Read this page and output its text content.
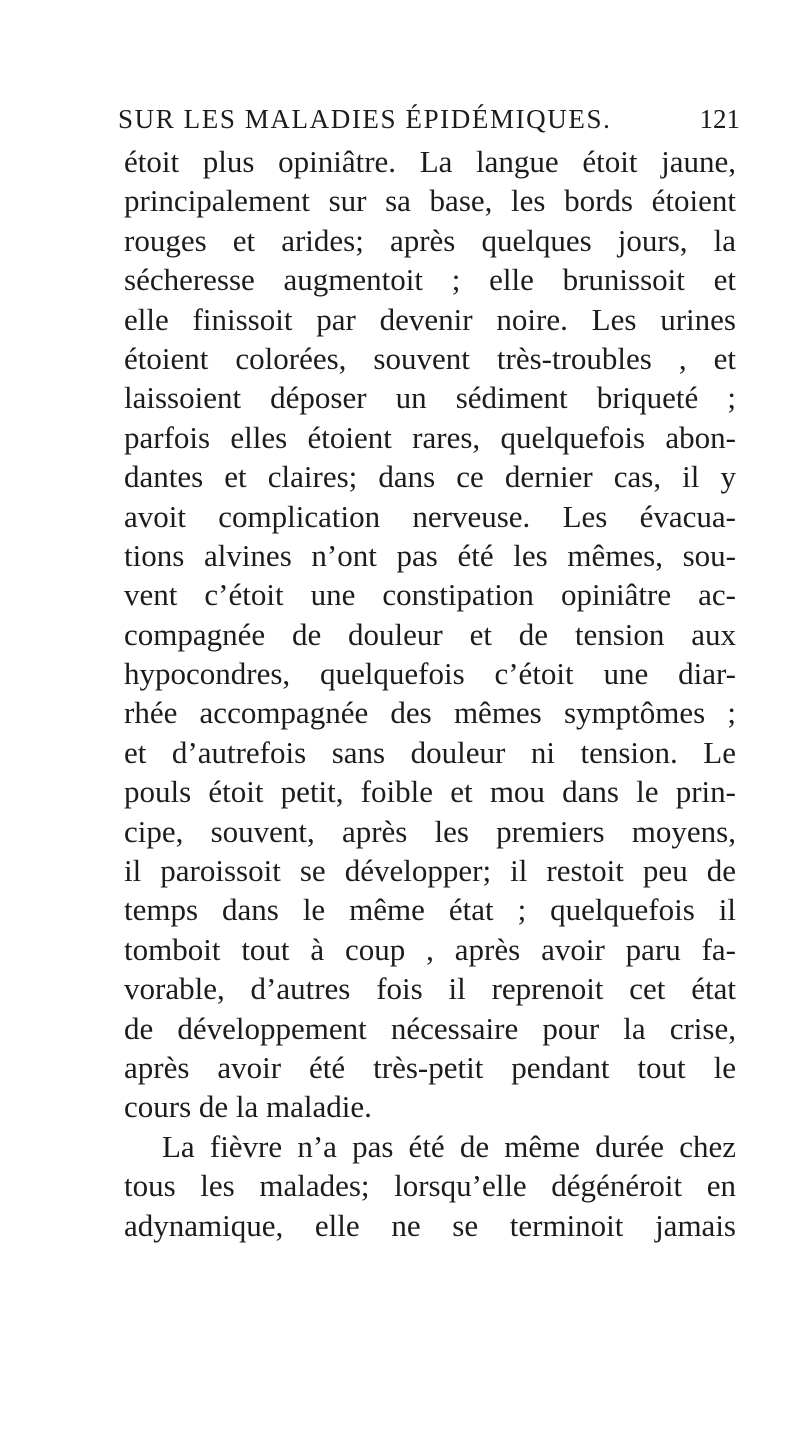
SUR LES MALADIES ÉPIDÉMIQUES.	121
étoit plus opiniâtre. La langue étoit jaune,
principalement sur sa base, les bords étoient
rouges et arides; après quelques jours, la
sécheresse augmentoit ; elle brunissoit et
elle finissoit par devenir noire. Les urines
étoient colorées, souvent très-troubles , et
laissoient déposer un sédiment briqueté ;
parfois elles étoient rares, quelquefois abon-
dantes et claires; dans ce dernier cas, il y
avoit complication nerveuse. Les évacua-
tions alvines n’ont pas été les mêmes, sou-
vent c’étoit une constipation opiniâtre ac-
compagnée de douleur et de tension aux
hypocondres, quelquefois c’étoit une diar-
rhée accompagnée des mêmes symptômes ;
et d’autrefois sans douleur ni tension. Le
pouls étoit petit, foible et mou dans le prin-
cipe, souvent, après les premiers moyens,
il paroissoit se développer; il restoit peu de
temps dans le même état ; quelquefois il
tomboit tout à coup , après avoir paru fa-
vorable, d’autres fois il reprenoit cet état
de développement nécessaire pour la crise,
après avoir été très-petit pendant tout le
cours de la maladie.
La fièvre n’a pas été de même durée chez
tous les malades; lorsqu’elle dégénéroit en
adynamique, elle ne se terminoit jamais
